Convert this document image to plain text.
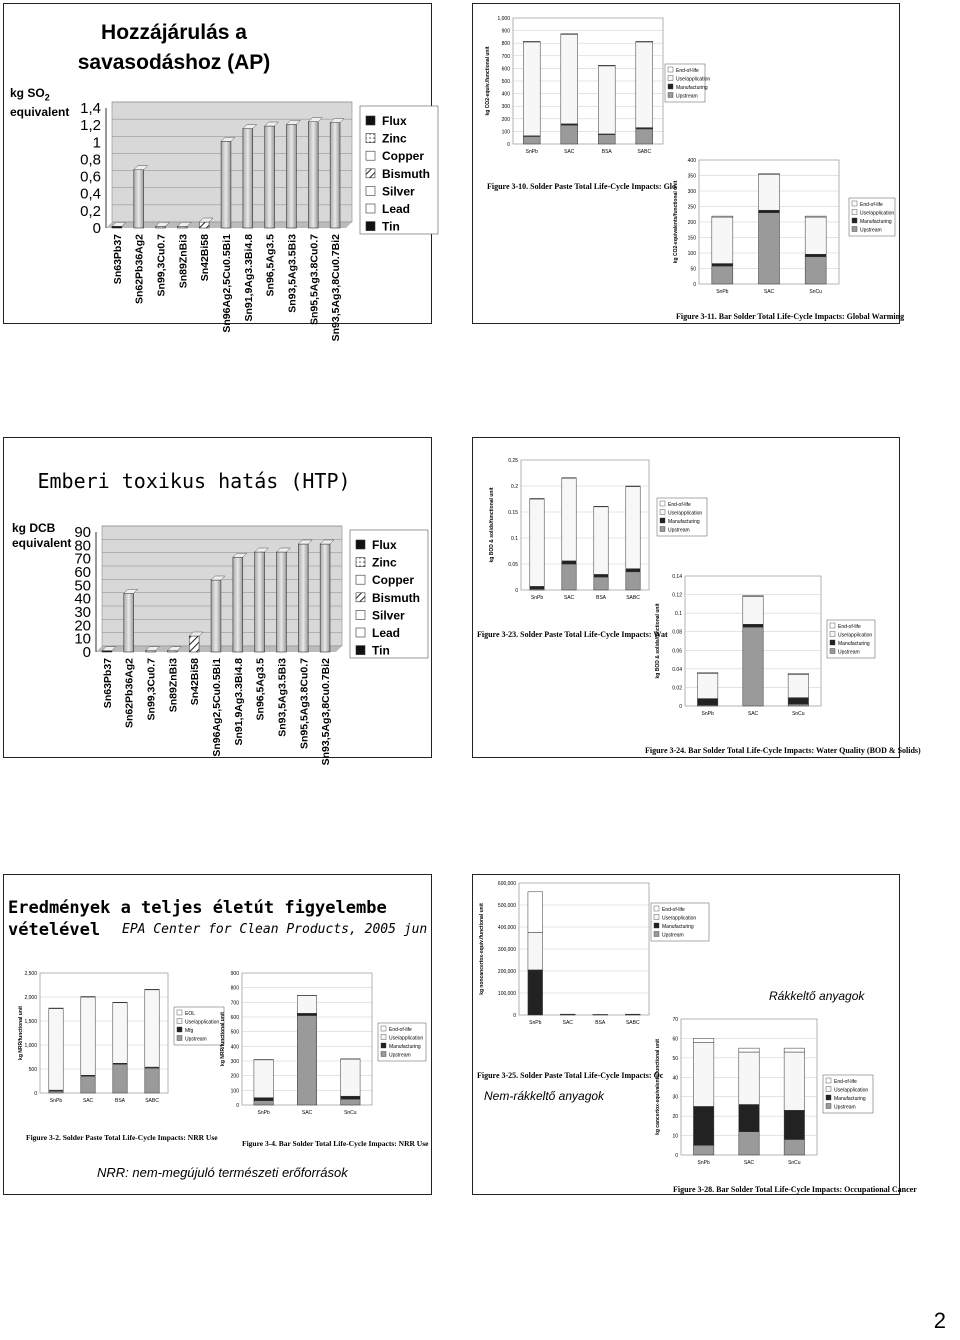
Hozzájárulás a savasodáshoz (AP)
kg $SO_2$
equivalent
0
0,2
0,4
0,6
0,8
1
1,2
1,4
Sn63Pb37 Sn62Pb36Ag2 Sn99,3Cu0.7 Sn89ZnBi3 Sn42Bi58 Sn96Ag2,5Cu0.5Bi1 Sn91,9Ag3.3Bi4.8 Sn96,5Ag3.5 Sn93,5Ag3.5Bi3 Sn95,5Ag3.8Cu0.7 Sn93,5Ag3,8Cu0.7Bi2
Flux
Zinc
Copper
Bismuth
Silver
Lead
Tin
0
100
200
300
400
500
600
700
800
900
1,000
kg CO2-equiv./functional unit
SnPb	SAC	BSA	SABC
End-of-life
Use/application
Manufacturing
Upstream
Figure 3-10. Solder Paste Total Life-Cycle Impacts: Glo
0
50
100
150
200
250
300
350
400
kg CO2-equivalents/functional unit
SnPb	SAC	SnCu
End-of-life
Use/application
Manufacturing
Upstream
Figure 3-11. Bar Solder Total Life-Cycle Impacts: Global Warming
Emberi toxikus hatás (HTP)
kg DCB
equivalent
0
10
20
30
40
50
60
70
80
90
Sn63Pb37 Sn62Pb36Ag2 Sn99,3Cu0.7 Sn89ZnBi3 Sn42Bi58 Sn96Ag2,5Cu0.5Bi1 Sn91,9Ag3.3Bi4.8 Sn96,5Ag3.5 Sn93,5Ag3.5Bi3 Sn95,5Ag3.8Cu0.7 Sn93,5Ag3,8Cu0.7Bi2
Flux
Zinc
Copper
Bismuth
Silver
Lead
Tin
0
0.05
0.1
0.15
0.2
0.25
kg BOD & solids/functional unit
SnPb	SAC	BSA	SABC
End-of-life
Use/application
Manufacturing
Upstream
Figure 3-23. Solder Paste Total Life-Cycle Impacts: Wat
0
0.02
0.04
0.06
0.08
0.1
0.12
0.14
kg BOD & solids/functional unit
SnPb	SAC	SnCu
End-of-life
Use/application
Manufacturing
Upstream
Figure 3-24. Bar Solder Total Life-Cycle Impacts: Water Quality (BOD & Solids)
Eredmények a teljes életút figyelembe vételével	EPA Center for Clean Products, 2005 jun
0
500
1,000
1,500
2,000
2,500
kg NRR/functional unit
SnPb	SAC	BSA	SABC
EOL
Use/application
Mfg
Upstream
Figure 3-2. Solder Paste Total Life-Cycle Impacts: NRR Use
0
100
200
300
400
500
600
700
800
900
kg NRR/functional unit
SnPb	SAC	SnCu
End-of-life
Use/application
Manufacturing
Upstream
Figure 3-4. Bar Solder Total Life-Cycle Impacts: NRR Use
NRR: nem-megújuló természeti erőforrások
0
100,000
200,000
300,000
400,000
500,000
600,000
kg noncancertox-equiv./functional unit
SnPb	SAC	BSA	SABC
End-of-life
Use/application
Manufacturing
Upstream
Rákkeltő anyagok
Figure 3-25. Solder Paste Total Life-Cycle Impacts: Oc
Nem-rákkeltő anyagok
0
10
20
30
40
50
60
70
kg cancertox-equivalents/functional unit
SnPb	SAC	SnCu
End-of-life
Use/application
Manufacturing
Upstream
Figure 3-28. Bar Solder Total Life-Cycle Impacts: Occupational Cancer
2
